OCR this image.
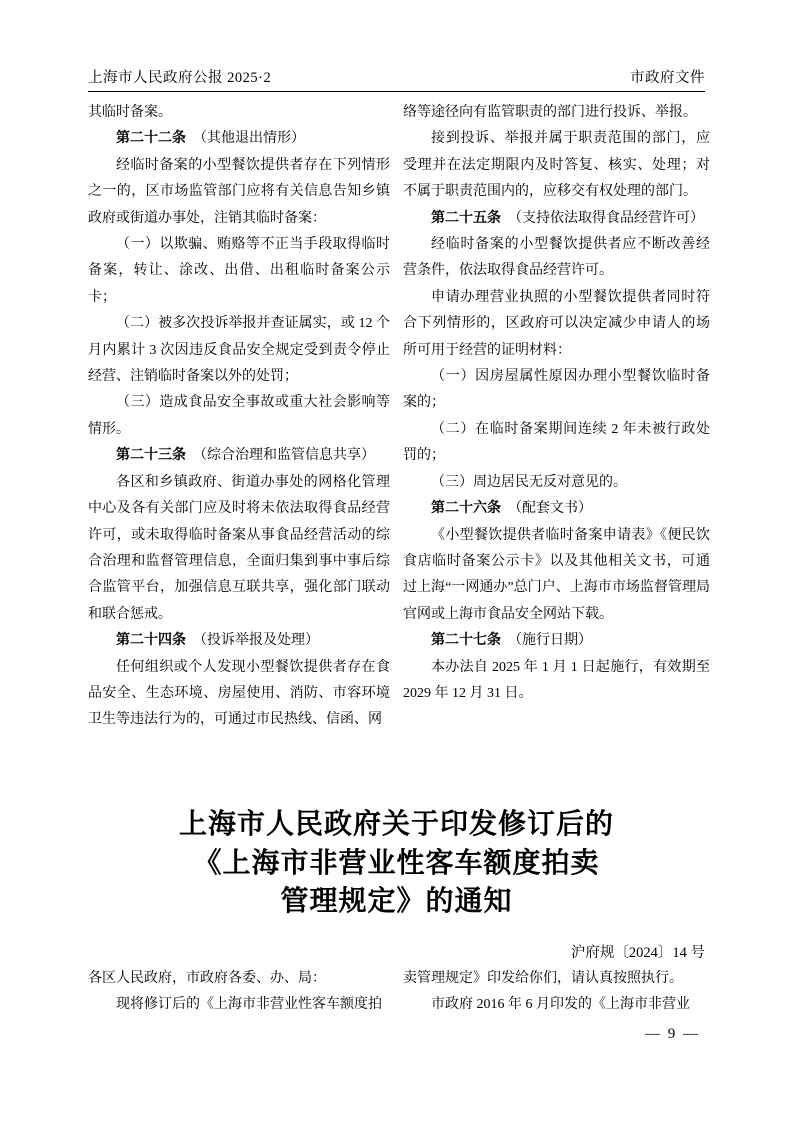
上海市人民政府公报 2025·2	市政府文件

其临时备案。

第二十二条 （其他退出情形）

经临时备案的小型餐饮提供者存在下列情形之一的，区市场监管部门应将有关信息告知乡镇政府或街道办事处，注销其临时备案：

（一）以欺骗、贿赂等不正当手段取得临时备案，转让、涂改、出借、出租临时备案公示卡；

（二）被多次投诉举报并查证属实，或 12 个月内累计 3 次因违反食品安全规定受到责令停止经营、注销临时备案以外的处罚；

（三）造成食品安全事故或重大社会影响等情形。

第二十三条 （综合治理和监管信息共享）

各区和乡镇政府、街道办事处的网格化管理中心及各有关部门应及时将未依法取得食品经营许可，或未取得临时备案从事食品经营活动的综合治理和监督管理信息，全面归集到事中事后综合监管平台，加强信息互联共享，强化部门联动和联合惩戒。

第二十四条 （投诉举报及处理）

任何组织或个人发现小型餐饮提供者存在食品安全、生态环境、房屋使用、消防、市容环境卫生等违法行为的，可通过市民热线、信函、网

络等途径向有监管职责的部门进行投诉、举报。

接到投诉、举报并属于职责范围的部门，应受理并在法定期限内及时答复、核实、处理；对不属于职责范围内的，应移交有权处理的部门。

第二十五条 （支持依法取得食品经营许可）

经临时备案的小型餐饮提供者应不断改善经营条件，依法取得食品经营许可。

申请办理营业执照的小型餐饮提供者同时符合下列情形的，区政府可以决定减少申请人的场所可用于经营的证明材料：

（一）因房屋属性原因办理小型餐饮临时备案的；

（二）在临时备案期间连续 2 年未被行政处罚的；

（三）周边居民无反对意见的。

第二十六条 （配套文书）

《小型餐饮提供者临时备案申请表》《便民饮食店临时备案公示卡》以及其他相关文书，可通过上海“一网通办”总门户、上海市市场监督管理局官网或上海市食品安全网站下载。

第二十七条 （施行日期）

本办法自 2025 年 1 月 1 日起施行，有效期至 2029 年 12 月 31 日。

上海市人民政府关于印发修订后的
《上海市非营业性客车额度拍卖
管理规定》的通知
沪府规〔2024〕14 号

各区人民政府，市政府各委、办、局：

现将修订后的《上海市非营业性客车额度拍

卖管理规定》印发给你们，请认真按照执行。

市政府 2016 年 6 月印发的《上海市非营业

— 9 —
